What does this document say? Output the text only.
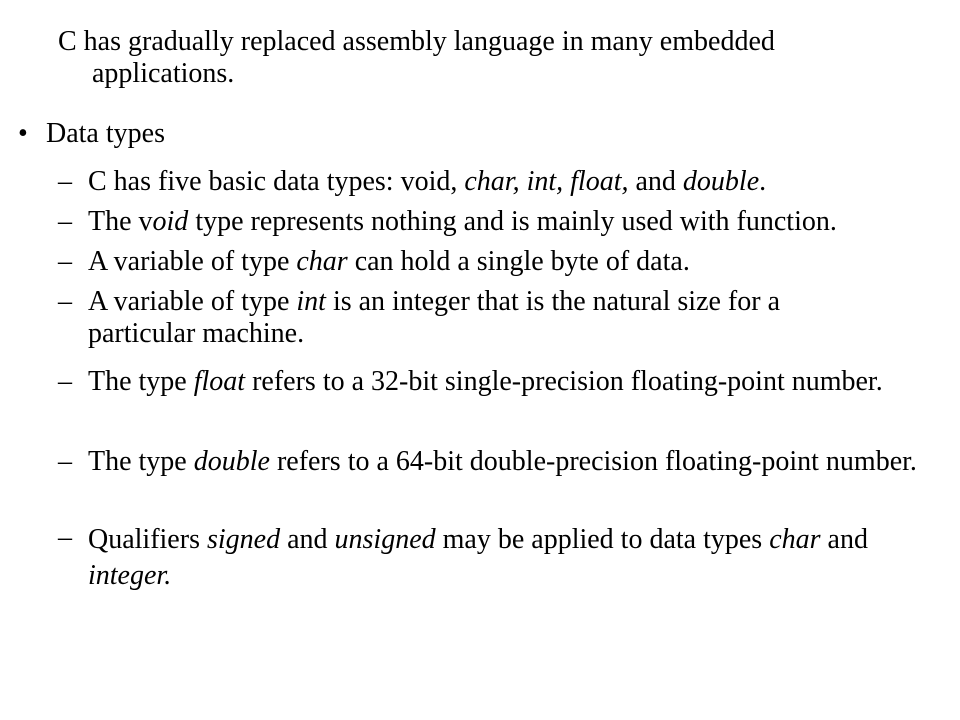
C has gradually replaced assembly language in many embedded
applications.
• Data types
– C has five basic data types: void, char, int, float, and double.
– The void type represents nothing and is mainly used with function.
– A variable of type char can hold a single byte of data.
– A variable of type int is an integer that is the natural size for a particular machine.
– The type float refers to a 32-bit single-precision floating-point number.
– The type double refers to a 64-bit double-precision floating-point number.
– Qualifiers signed and unsigned may be applied to data types char and integer.
